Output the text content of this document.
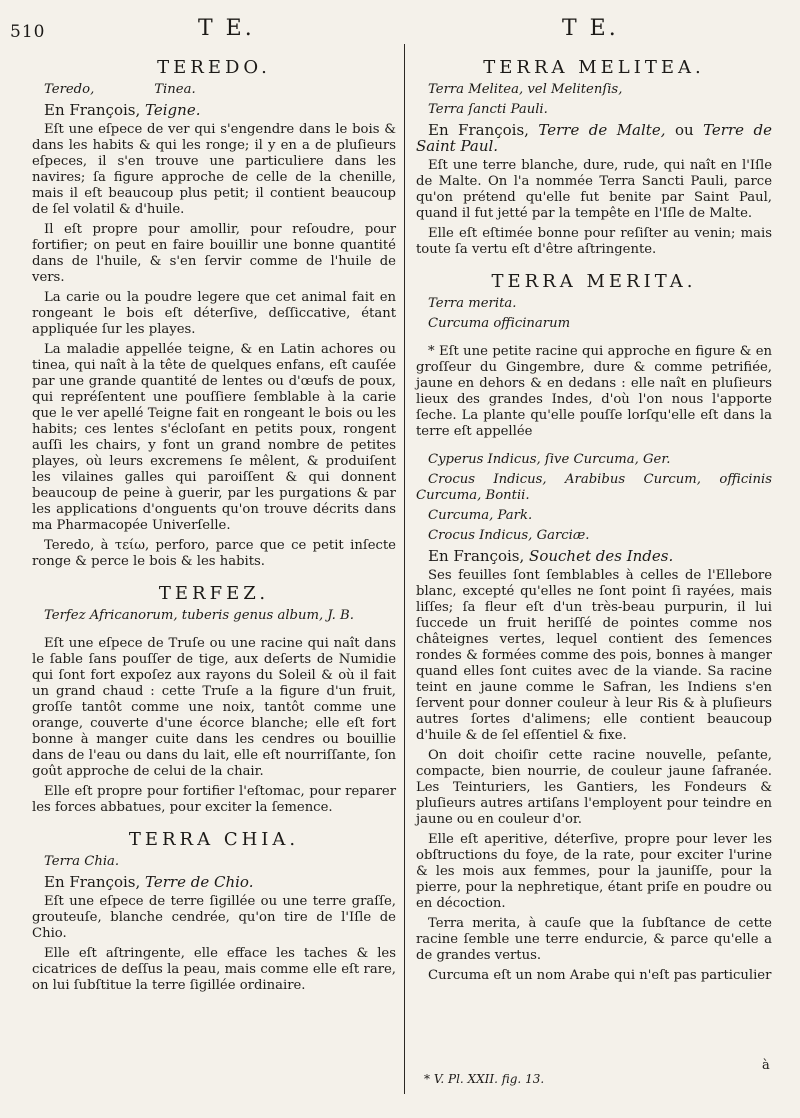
510	T E.	T E.
TEREDO.

Teredo,	Tinea.

En François, Teigne.

Eſt une eſpece de ver qui s'engendre dans le bois & dans les habits & qui les ronge; il y en a de pluſieurs eſpeces, il s'en trouve une particuliere dans les navires; ſa figure approche de celle de la chenille, mais il eſt beaucoup plus petit; il contient beaucoup de ſel volatil & d'huile.

Il eſt propre pour amollir, pour reſoudre, pour fortifier; on peut en faire bouillir une bonne quantité dans de l'huile, & s'en ſervir comme de l'huile de vers.

La carie ou la poudre legere que cet animal fait en rongeant le bois eſt déterſive, deſſiccative, étant appliquée ſur les playes.

La maladie appellée teigne, & en Latin achores ou tinea, qui naît à la tête de quelques enfans, eſt cauſée par une grande quantité de lentes ou d'œufs de poux, qui repréſentent une pouſſiere ſemblable à la carie que le ver apellé Teigne fait en rongeant le bois ou les habits; ces lentes s'écloſant en petits poux, rongent auſſi les chairs, y font un grand nombre de petites playes, où leurs excremens ſe mêlent, & produiſent les vilaines galles qui paroiſſent & qui donnent beaucoup de peine à guerir, par les purgations & par les applications d'onguents qu'on trouve décrits dans ma Pharmacopée Univerſelle.

Teredo, à τείω, perforo, parce que ce petit inſecte ronge & perce le bois & les habits.

TERFEZ.

Terfez Africanorum, tuberis genus album, J. B.

Eſt une eſpece de Truſe ou une racine qui naît dans le ſable ſans pouſſer de tige, aux deſerts de Numidie qui ſont fort expoſez aux rayons du Soleil & où il fait un grand chaud : cette Truſe a la figure d'un fruit, groſſe tantôt comme une noix, tantôt comme une orange, couverte d'une écorce blanche; elle eſt fort bonne à manger cuite dans les cendres ou bouillie dans de l'eau ou dans du lait, elle eſt nourriſſante, ſon goût approche de celui de la chair.

Elle eſt propre pour fortifier l'eſtomac, pour reparer les forces abbatues, pour exciter la ſemence.

TERRA CHIA.

Terra Chia.

En François, Terre de Chio.

Eſt une eſpece de terre ſigillée ou une terre graſſe, grouteuſe, blanche cendrée, qu'on tire de l'Iſle de Chio.

Elle eſt aſtringente, elle efface les taches & les cicatrices de deſſus la peau, mais comme elle eſt rare, on lui ſubſtitue la terre ſigillée ordinaire.

TERRA MELITEA.

Terra Melitea, vel Melitenſis,

Terra ſancti Pauli.

En François, Terre de Malte, ou Terre de Saint Paul.

Eſt une terre blanche, dure, rude, qui naît en l'Iſle de Malte. On l'a nommée Terra Sancti Pauli, parce qu'on prétend qu'elle fut benite par Saint Paul, quand il fut jetté par la tempête en l'Iſle de Malte.

Elle eſt eſtimée bonne pour reſiſter au venin; mais toute ſa vertu eſt d'être aſtringente.

TERRA MERITA.

Terra merita.

Curcuma officinarum

* Eſt une petite racine qui approche en figure & en groſſeur du Gingembre, dure & comme petrifiée, jaune en dehors & en dedans : elle naît en pluſieurs lieux des grandes Indes, d'où l'on nous l'apporte ſeche. La plante qu'elle pouſſe lorſqu'elle eſt dans la terre eſt appellée

Cyperus Indicus, ſive Curcuma, Ger.

Crocus Indicus, Arabibus Curcum, officinis Curcuma, Bontii.

Curcuma, Park.

Crocus Indicus, Garciæ.

En François, Souchet des Indes.

Ses feuilles ſont ſemblables à celles de l'Ellebore blanc, excepté qu'elles ne ſont point ſi rayées, mais liſſes; ſa fleur eſt d'un très-beau purpurin, il lui ſuccede un fruit heriſſé de pointes comme nos châteignes vertes, lequel contient des ſemences rondes & formées comme des pois, bonnes à manger quand elles ſont cuites avec de la viande. Sa racine teint en jaune comme le Safran, les Indiens s'en ſervent pour donner couleur à leur Ris & à pluſieurs autres ſortes d'alimens; elle contient beaucoup d'huile & de ſel eſſentiel & fixe.

On doit choiſir cette racine nouvelle, peſante, compacte, bien nourrie, de couleur jaune ſafranée. Les Teinturiers, les Gantiers, les Fondeurs & pluſieurs autres artiſans l'employent pour teindre en jaune ou en couleur d'or.

Elle eſt aperitive, déterſive, propre pour lever les obſtructions du foye, de la rate, pour exciter l'urine & les mois aux femmes, pour la jauniſſe, pour la pierre, pour la nephretique, étant priſe en poudre ou en décoction.

Terra merita, à cauſe que la ſubſtance de cette racine ſemble une terre endurcie, & parce qu'elle a de grandes vertus.

Curcuma eſt un nom Arabe qui n'eſt pas particulier

à
* V. Pl. XXII. fig. 13.
